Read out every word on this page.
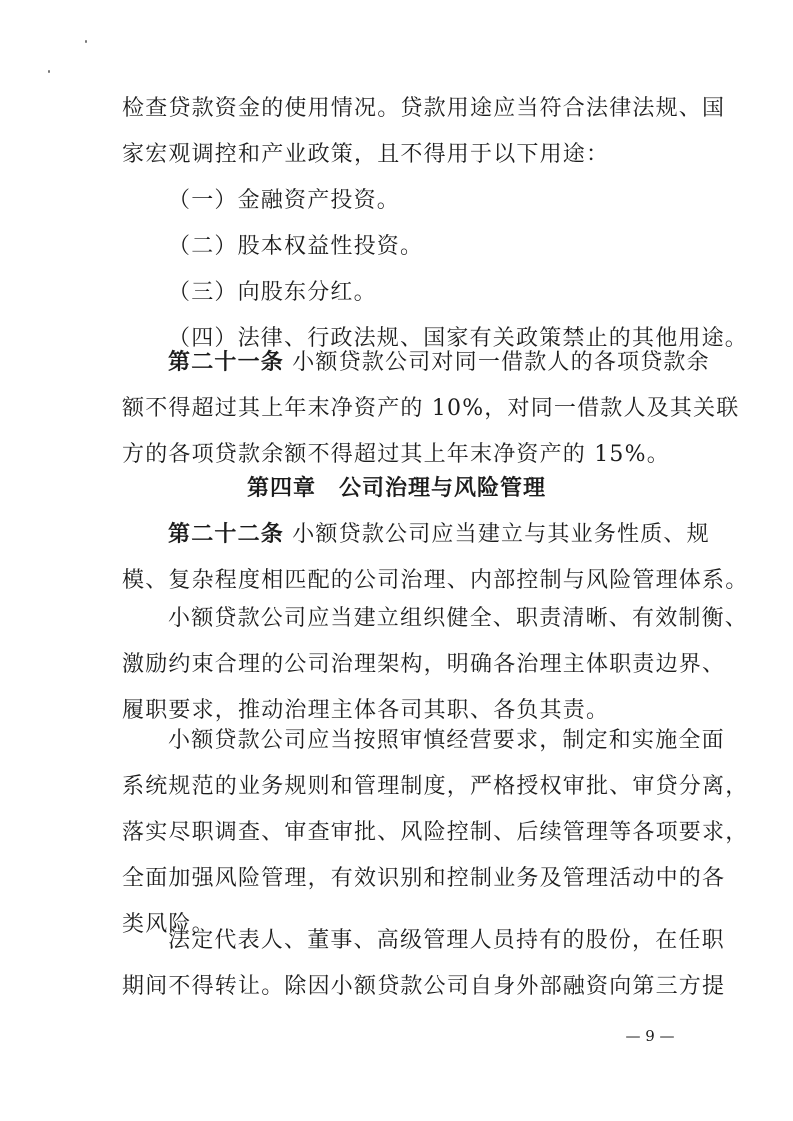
检查贷款资金的使用情况。贷款用途应当符合法律法规、国
家宏观调控和产业政策，且不得用于以下用途：

（一）金融资产投资。
（二）股本权益性投资。
（三）向股东分红。
（四）法律、行政法规、国家有关政策禁止的其他用途。

第二十一条 小额贷款公司对同一借款人的各项贷款余
额不得超过其上年末净资产的 10%，对同一借款人及其关联
方的各项贷款余额不得超过其上年末净资产的 15%。

第四章　公司治理与风险管理

第二十二条 小额贷款公司应当建立与其业务性质、规
模、复杂程度相匹配的公司治理、内部控制与风险管理体系。

小额贷款公司应当建立组织健全、职责清晰、有效制衡、
激励约束合理的公司治理架构，明确各治理主体职责边界、
履职要求，推动治理主体各司其职、各负其责。

小额贷款公司应当按照审慎经营要求，制定和实施全面
系统规范的业务规则和管理制度，严格授权审批、审贷分离，
落实尽职调查、审查审批、风险控制、后续管理等各项要求，
全面加强风险管理，有效识别和控制业务及管理活动中的各
类风险。

法定代表人、董事、高级管理人员持有的股份，在任职
期间不得转让。除因小额贷款公司自身外部融资向第三方提

— 9 —
